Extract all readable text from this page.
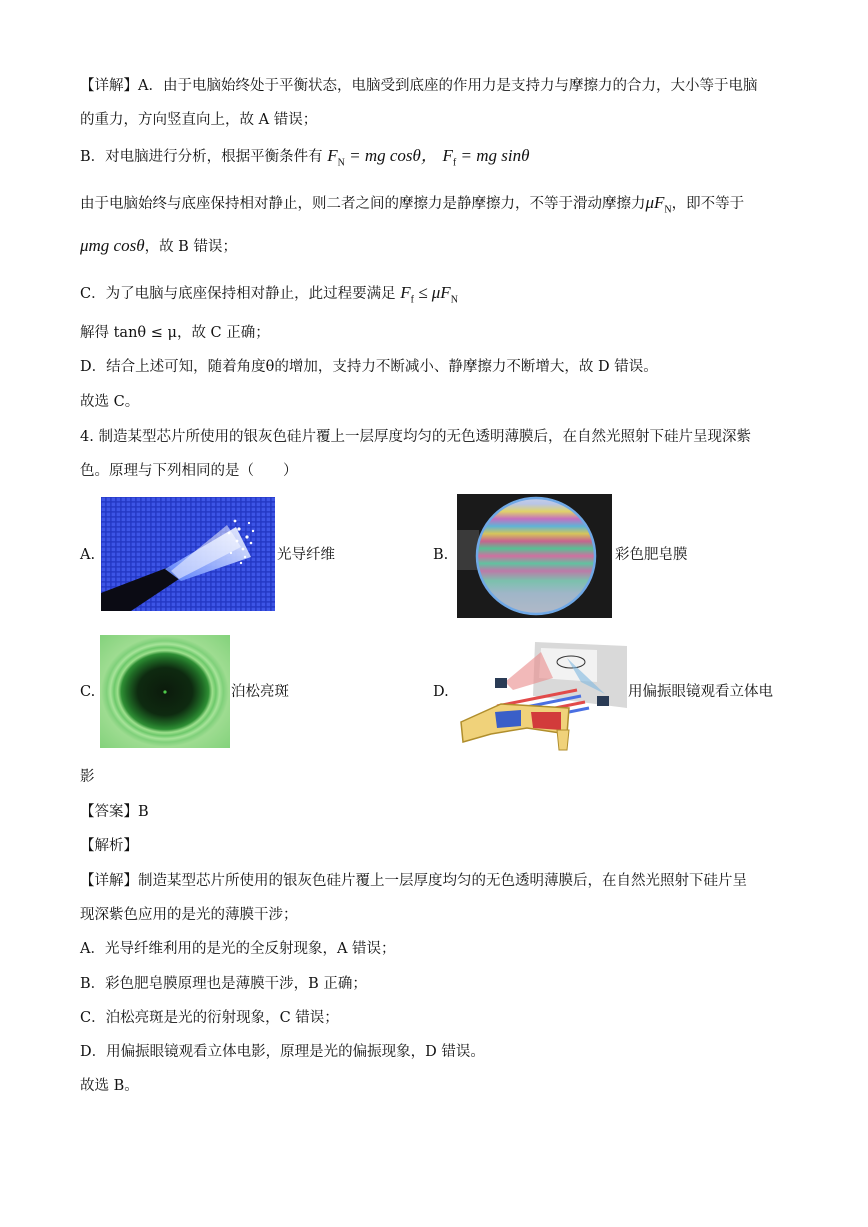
【详解】A．由于电脑始终处于平衡状态，电脑受到底座的作用力是支持力与摩擦力的合力，大小等于电脑
的重力，方向竖直向上，故 A 错误；
B．对电脑进行分析，根据平衡条件有 $F_N$ = mg cosθ， $F_f$ = mg sinθ
由于电脑始终与底座保持相对静止，则二者之间的摩擦力是静摩擦力，不等于滑动摩擦力$\mu F_N$，即不等于
μmg cosθ，故 B 错误；
C．为了电脑与底座保持相对静止，此过程要满足 $F_f \le \mu F_N$
解得 tanθ ≤ μ，故 C 正确；
D．结合上述可知，随着角度θ的增加，支持力不断减小、静摩擦力不断增大，故 D 错误。
故选 C。
4. 制造某型芯片所使用的银灰色硅片覆上一层厚度均匀的无色透明薄膜后，在自然光照射下硅片呈现深紫
色。原理与下列相同的是（　　）
A.	光导纤维	B.	彩色肥皂膜
C.	泊松亮斑	D.	用偏振眼镜观看立体电
影
【答案】B
【解析】
【详解】制造某型芯片所使用的银灰色硅片覆上一层厚度均匀的无色透明薄膜后，在自然光照射下硅片呈
现深紫色应用的是光的薄膜干涉；
A．光导纤维利用的是光的全反射现象，A 错误；
B．彩色肥皂膜原理也是薄膜干涉，B 正确；
C．泊松亮斑是光的衍射现象，C 错误；
D．用偏振眼镜观看立体电影，原理是光的偏振现象，D 错误。
故选 B。
